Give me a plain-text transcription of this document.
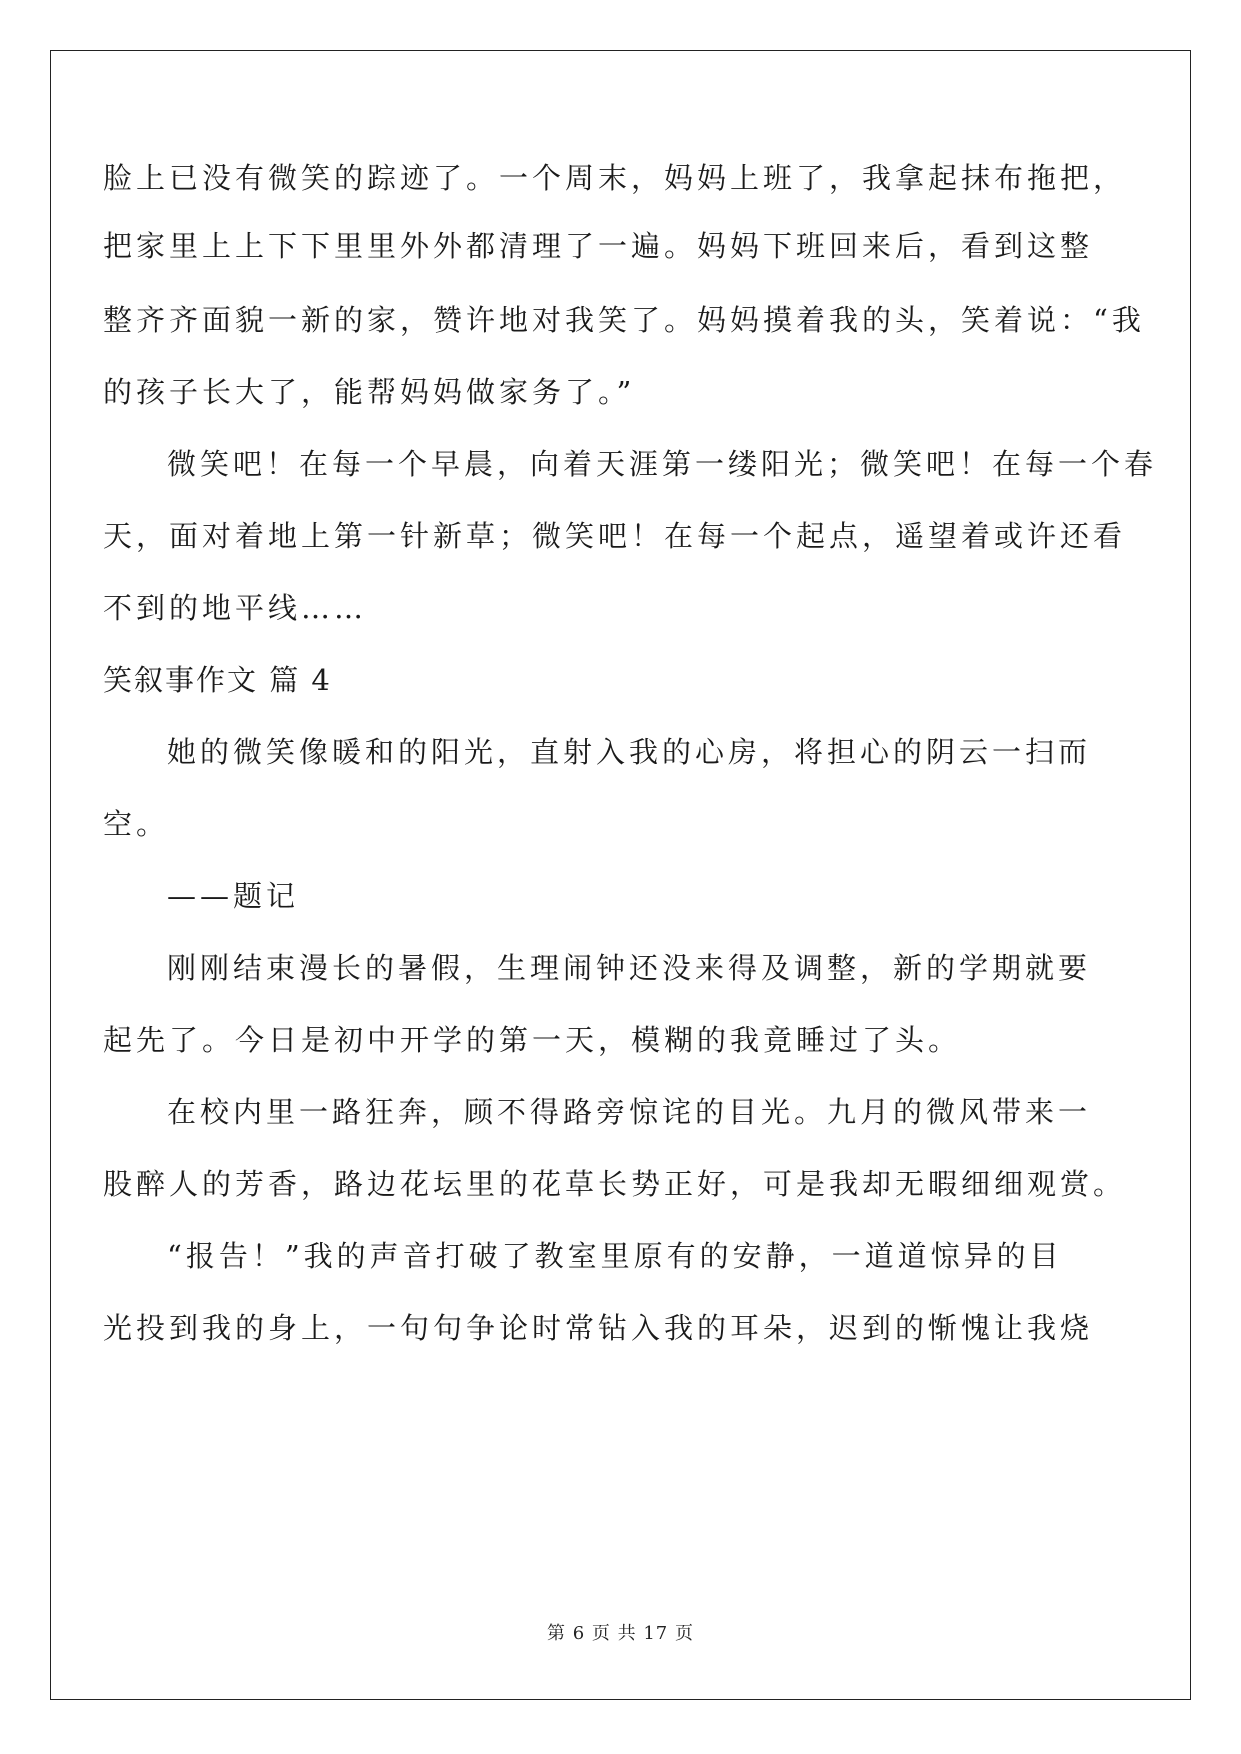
脸上已没有微笑的踪迹了。一个周末，妈妈上班了，我拿起抹布拖把，
把家里上上下下里里外外都清理了一遍。妈妈下班回来后，看到这整
整齐齐面貌一新的家，赞许地对我笑了。妈妈摸着我的头，笑着说：“我
的孩子长大了，能帮妈妈做家务了。”
微笑吧！在每一个早晨，向着天涯第一缕阳光；微笑吧！在每一个春
天，面对着地上第一针新草；微笑吧！在每一个起点，遥望着或许还看
不到的地平线……
笑叙事作文 篇 4
她的微笑像暖和的阳光，直射入我的心房，将担心的阴云一扫而
空。
——题记
刚刚结束漫长的暑假，生理闹钟还没来得及调整，新的学期就要
起先了。今日是初中开学的第一天，模糊的我竟睡过了头。
在校内里一路狂奔，顾不得路旁惊诧的目光。九月的微风带来一
股醉人的芳香，路边花坛里的花草长势正好，可是我却无暇细细观赏。
“报告！”我的声音打破了教室里原有的安静，一道道惊异的目
光投到我的身上，一句句争论时常钻入我的耳朵，迟到的惭愧让我烧
第 6 页 共 17 页
